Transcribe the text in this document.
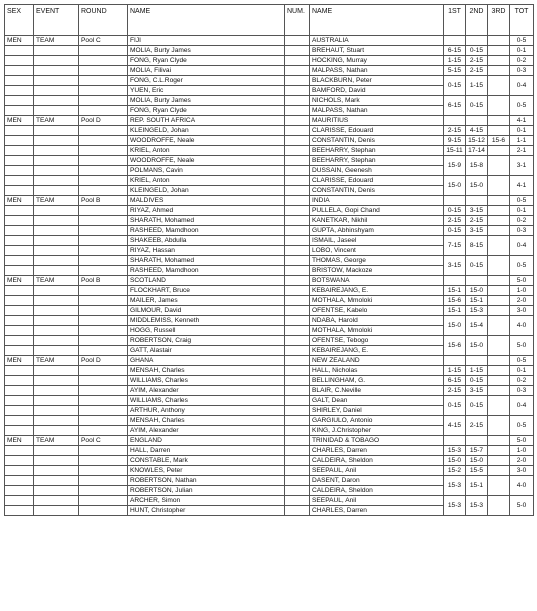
SEX	EVENT	ROUND	NAME	NUM.	NAME	1ST	2ND	3RD	TOT
MEN	TEAM	Pool C	FIJI		AUSTRALIA				0-5
			MOLIA, Burty James		BREHAUT, Stuart	6-15	0-15		0-1
			FONG, Ryan Clyde		HOCKING, Murray	1-15	2-15		0-2
			MOLIA, Filivai		MALPASS, Nathan	5-15	2-15		0-3
			FONG, C.L.Roger		BLACKBURN, Peter	0-15	1-15		0-4
			YUEN, Eric		BAMFORD, David				
			MOLIA, Burty James		NICHOLS, Mark	6-15	0-15		0-5
			FONG, Ryan Clyde		MALPASS, Nathan				
MEN	TEAM	Pool D	REP. SOUTH AFRICA		MAURITIUS				4-1
			KLEINGELD, Johan		CLARISSE, Edouard	2-15	4-15		0-1
			WOODROFFE, Neale		CONSTANTIN, Denis	9-15	15-12	15-6	1-1
			KRIEL, Anton		BEEHARRY, Stephan	15-11	17-14		2-1
			WOODROFFE, Neale		BEEHARRY, Stephan	15-9	15-8		3-1
			POLMANS, Cavin		DUSSAIN, Geenesh				
			KRIEL, Anton		CLARISSE, Edouard	15-0	15-0		4-1
			KLEINGELD, Johan		CONSTANTIN, Denis				
MEN	TEAM	Pool B	MALDIVES		INDIA				0-5
			RIYAZ, Ahmed		PULLELA, Gopi Chand	0-15	3-15		0-1
			SHARATH, Mohamed		KANETKAR, Nikhil	2-15	2-15		0-2
			RASHEED, Mamdhoon		GUPTA, Abhinshyam	0-15	3-15		0-3
			SHAKEEB, Abdulla		ISMAIL, Jaseel	7-15	8-15		0-4
			RIYAZ, Hassan		LOBO, Vincent				
			SHARATH, Mohamed		THOMAS, George	3-15	0-15		0-5
			RASHEED, Mamdhoon		BRISTOW, Mackoze				
MEN	TEAM	Pool B	SCOTLAND		BOTSWANA				5-0
			FLOCKHART, Bruce		KEBAIREJANG, E.	15-1	15-0		1-0
			MAILER, James		MOTHALA, Mmoloki	15-6	15-1		2-0
			GILMOUR, David		OFENTSE, Kabelo	15-1	15-3		3-0
			MIDDLEMISS, Kenneth		NDABA, Harold	15-0	15-4		4-0
			HOGG, Russell		MOTHALA, Mmoloki				
			ROBERTSON, Craig		OFENTSE, Tebogo	15-6	15-0		5-0
			GATT, Alastair		KEBAIREJANG, E.				
MEN	TEAM	Pool D	GHANA		NEW ZEALAND				0-5
			MENSAH, Charles		HALL, Nicholas	1-15	1-15		0-1
			WILLIAMS, Charles		BELLINGHAM, G.	6-15	0-15		0-2
			AYIM, Alexander		BLAIR, C.Neville	2-15	3-15		0-3
			WILLIAMS, Charles		GALT, Dean	0-15	0-15		0-4
			ARTHUR, Anthony		SHIRLEY, Daniel				
			MENSAH, Charles		GARGIULO, Antonio	4-15	2-15		0-5
			AYIM, Alexander		KING, J.Christopher				
MEN	TEAM	Pool C	ENGLAND		TRINIDAD & TOBAGO				5-0
			HALL, Darren		CHARLES, Darren	15-3	15-7		1-0
			CONSTABLE, Mark		CALDEIRA, Sheldon	15-0	15-0		2-0
			KNOWLES, Peter		SEEPAUL, Anil	15-2	15-5		3-0
			ROBERTSON, Nathan		DASENT, Daron	15-3	15-1		4-0
			ROBERTSON, Julian		CALDEIRA, Sheldon				
			ARCHER, Simon		SEEPAUL, Anil	15-3	15-3		5-0
			HUNT, Christopher		CHARLES, Darren				
